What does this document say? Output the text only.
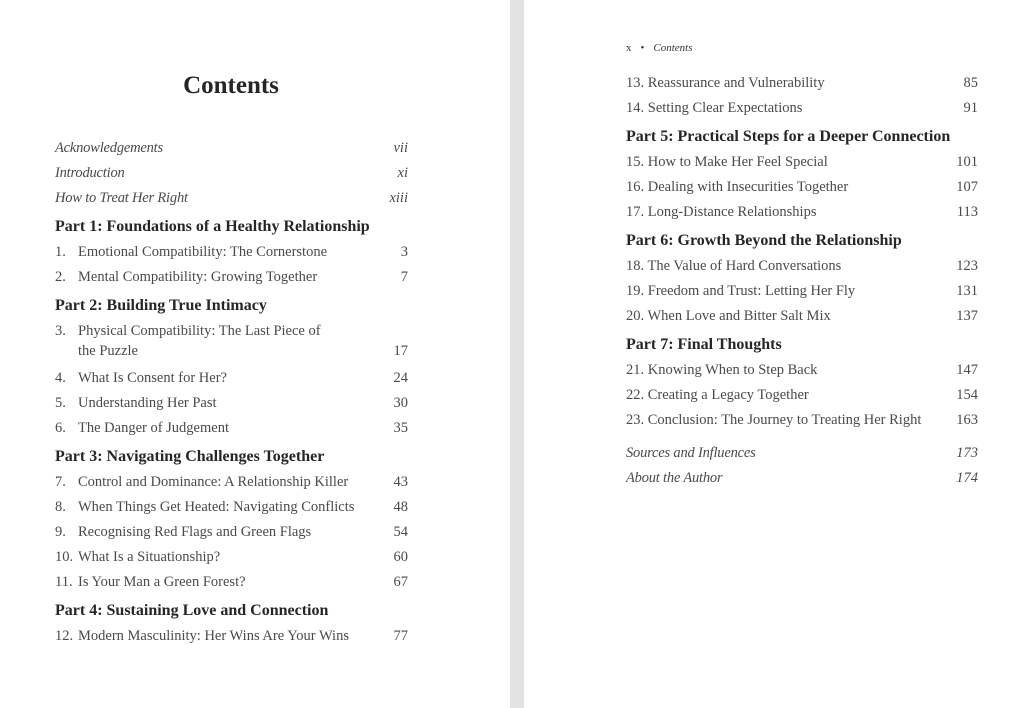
Contents
Acknowledgements	vii
Introduction	xi
How to Treat Her Right	xiii
Part 1: Foundations of a Healthy Relationship
1. Emotional Compatibility: The Cornerstone	3
2. Mental Compatibility: Growing Together	7
Part 2: Building True Intimacy
3. Physical Compatibility: The Last Piece of
the Puzzle	17
4. What Is Consent for Her?	24
5. Understanding Her Past	30
6. The Danger of Judgement	35
Part 3: Navigating Challenges Together
7. Control and Dominance: A Relationship Killer	43
8. When Things Get Heated: Navigating Conflicts	48
9. Recognising Red Flags and Green Flags	54
10. What Is a Situationship?	60
11. Is Your Man a Green Forest?	67
Part 4: Sustaining Love and Connection
12. Modern Masculinity: Her Wins Are Your Wins	77
x • Contents
13. Reassurance and Vulnerability	85
14. Setting Clear Expectations	91
Part 5: Practical Steps for a Deeper Connection
15. How to Make Her Feel Special	101
16. Dealing with Insecurities Together	107
17. Long-Distance Relationships	113
Part 6: Growth Beyond the Relationship
18. The Value of Hard Conversations	123
19. Freedom and Trust: Letting Her Fly	131
20. When Love and Bitter Salt Mix	137
Part 7: Final Thoughts
21. Knowing When to Step Back	147
22. Creating a Legacy Together	154
23. Conclusion: The Journey to Treating Her Right 163
Sources and Influences	173
About the Author	174
